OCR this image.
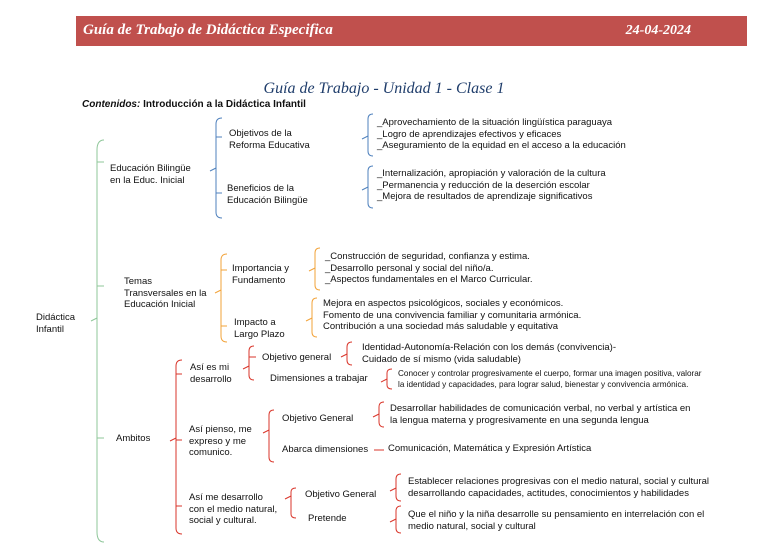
Guía de Trabajo de Didáctica Especifica	24-04-2024
Guía de Trabajo - Unidad 1 - Clase 1
Contenidos: Introducción a la Didáctica Infantil
Didáctica
Infantil
Educación Bilingüe
en la Educ. Inicial
Objetivos de la
Reforma Educativa
_Aprovechamiento de la situación lingüística paraguaya
_Logro de aprendizajes efectivos y eficaces
_Aseguramiento de la equidad en el acceso a la educación
Beneficios de la
Educación Bilingüe
_Internalización, apropiación y valoración de la cultura
_Permanencia y reducción de la deserción escolar
_Mejora de resultados de aprendizaje significativos
Temas
Transversales en la
Educación Inicial
Importancia y
Fundamento
_Construcción de seguridad, confianza y estima.
_Desarrollo personal y social del niño/a.
_Aspectos fundamentales en el Marco Curricular.
Impacto a
Largo Plazo
Mejora en aspectos psicológicos, sociales y económicos.
Fomento de una convivencia familiar y comunitaria armónica.
Contribución a una sociedad más saludable y equitativa
Ambitos
Así es mi
desarrollo
Objetivo general
Identidad-Autonomía-Relación con los demás (convivencia)-
Cuidado de sí mismo (vida saludable)
Dimensiones a trabajar	Conocer y controlar progresivamente el cuerpo, formar una imagen positiva, valorar
la identidad y capacidades, para lograr salud, bienestar y convivencia armónica.
Así pienso, me
expreso y me
comunico.
Objetivo General
Desarrollar habilidades de comunicación verbal, no verbal y artística en
la lengua materna y progresivamente en una segunda lengua
Abarca dimensiones Comunicación, Matemática y Expresión Artística
Así me desarrollo
con el medio natural,
social y cultural.
Objetivo General
Establecer relaciones progresivas con el medio natural, social y cultural
desarrollando capacidades, actitudes, conocimientos y habilidades
Pretende	Que el niño y la niña desarrolle su pensamiento en interrelación con el
medio natural, social y cultural
